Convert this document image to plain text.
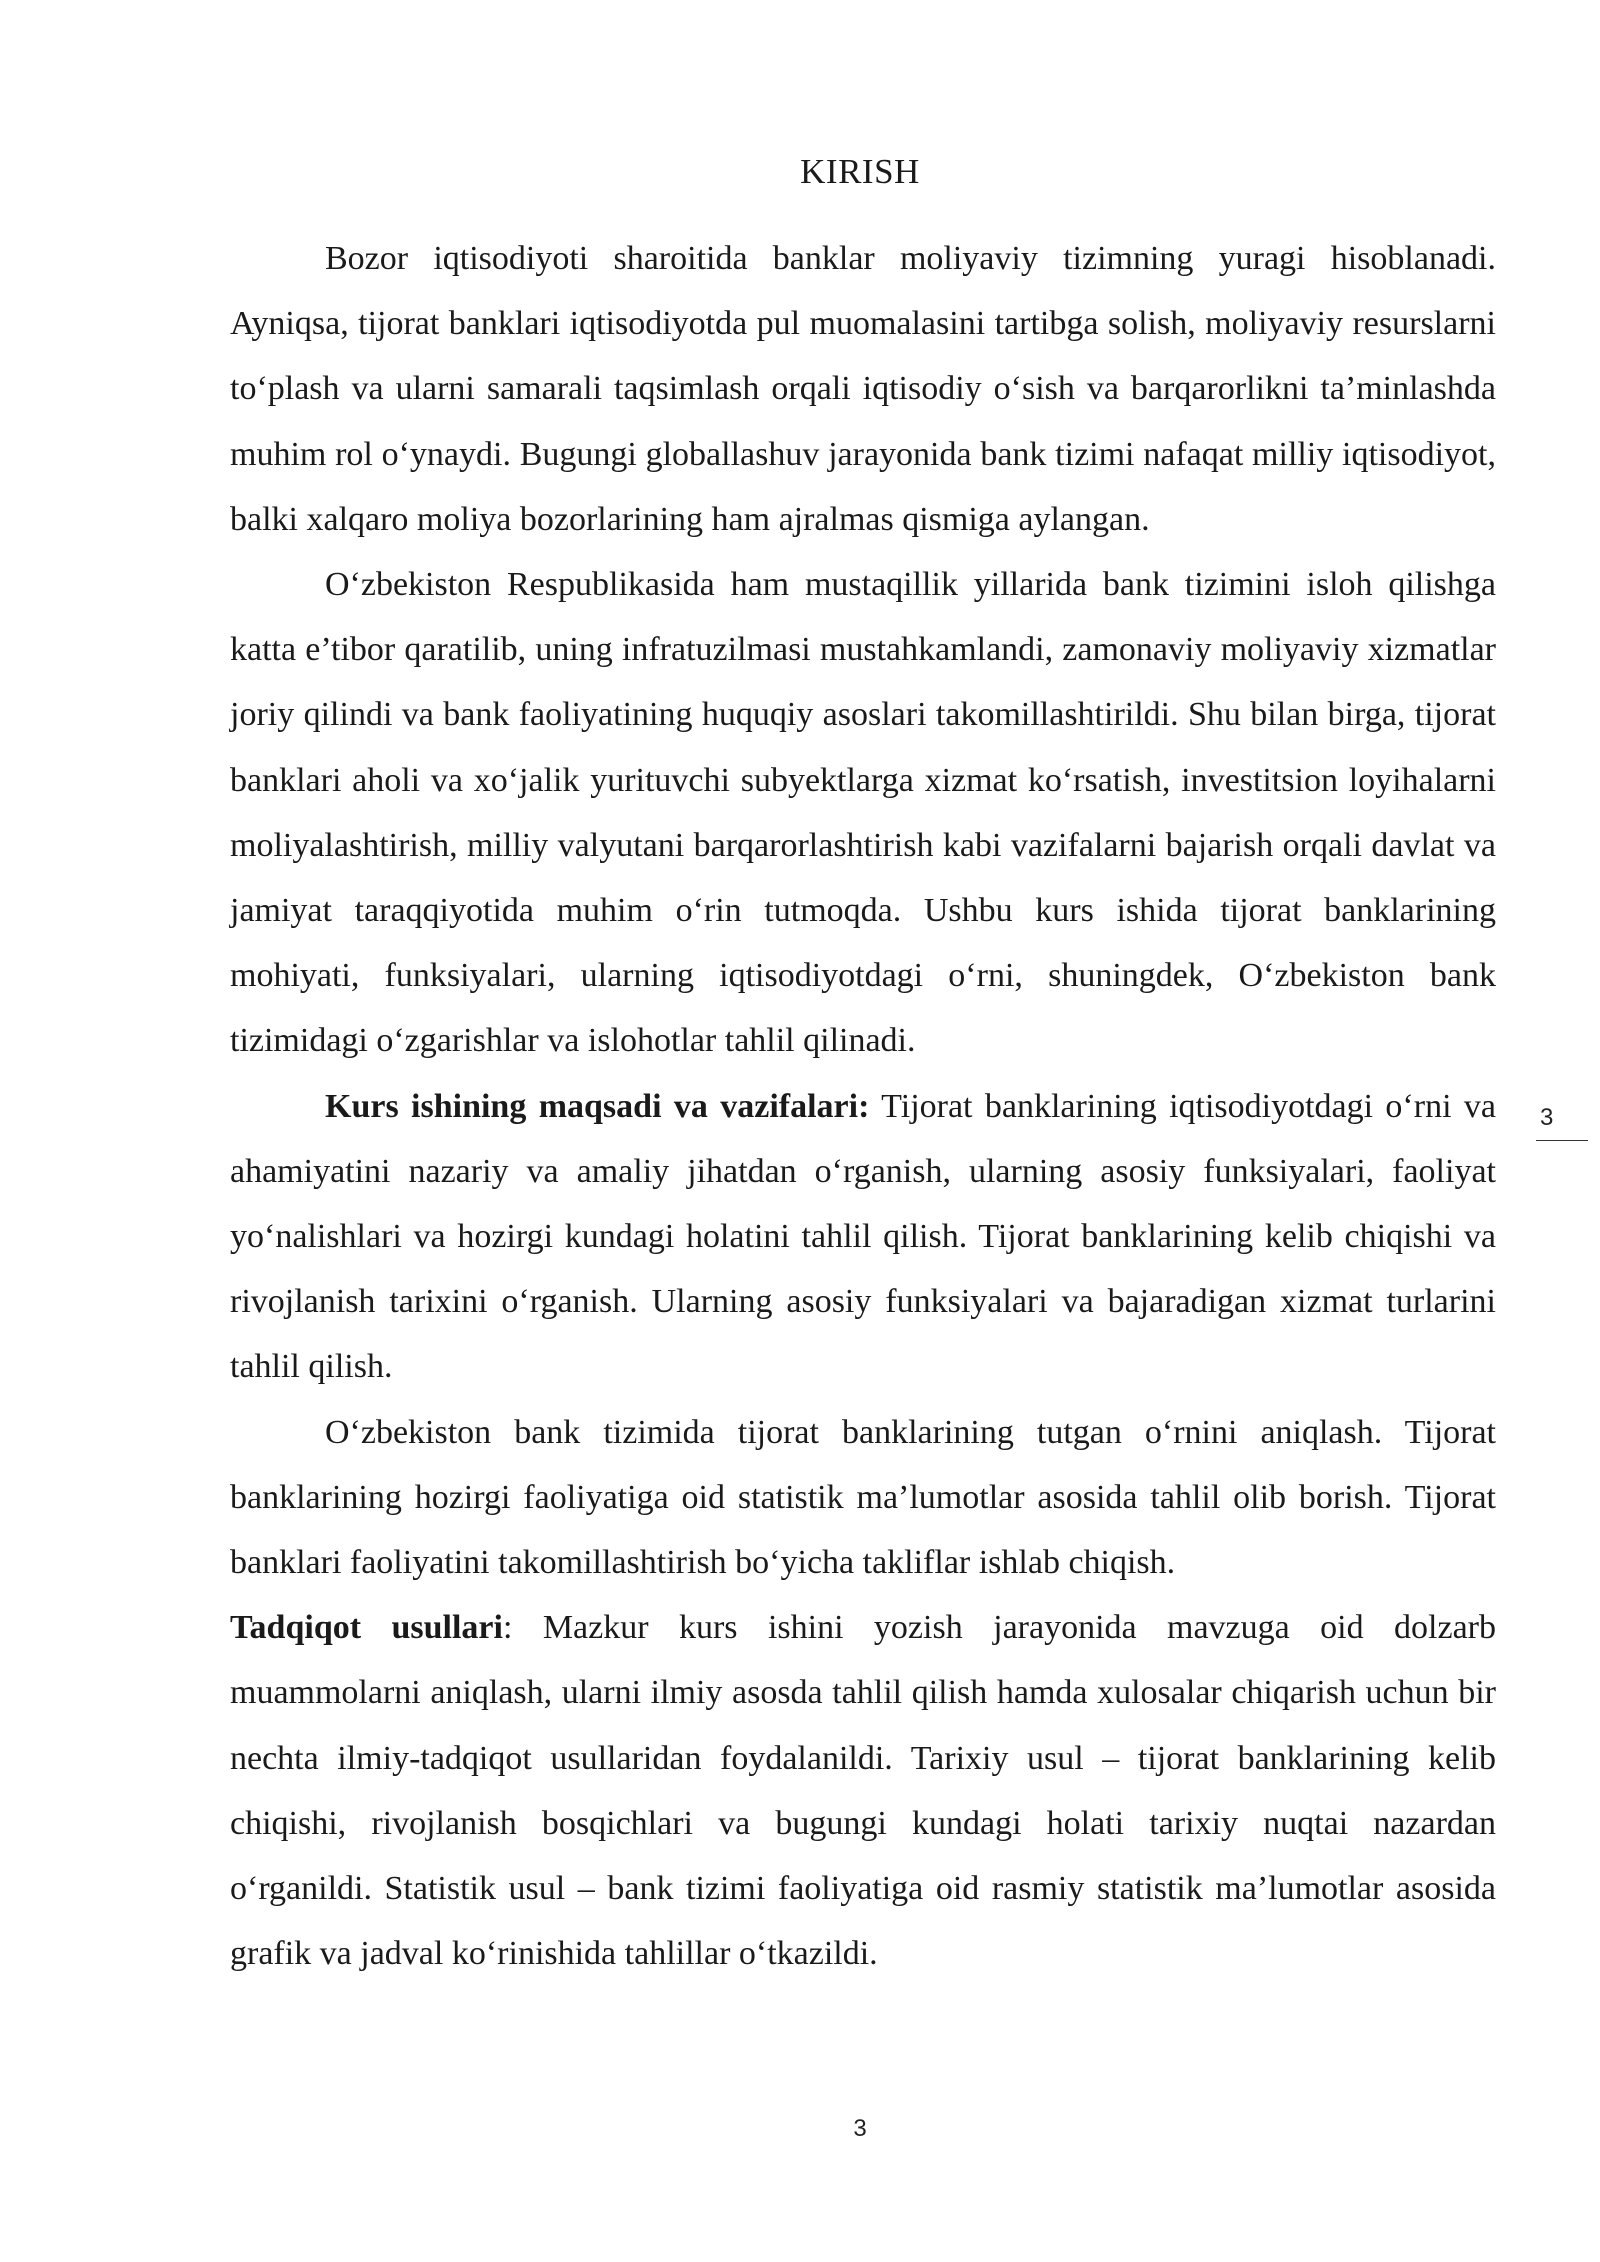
KIRISH

Bozor iqtisodiyoti sharoitida banklar moliyaviy tizimning yuragi hisoblanadi. Ayniqsa, tijorat banklari iqtisodiyotda pul muomalasini tartibga solish, moliyaviy resurslarni to‘plash va ularni samarali taqsimlash orqali iqtisodiy o‘sish va barqarorlikni ta’minlashda muhim rol o‘ynaydi. Bugungi globallashuv jarayonida bank tizimi nafaqat milliy iqtisodiyot, balki xalqaro moliya bozorlarining ham ajralmas qismiga aylangan.

O‘zbekiston Respublikasida ham mustaqillik yillarida bank tizimini isloh qilishga katta e’tibor qaratilib, uning infratuzilmasi mustahkamlandi, zamonaviy moliyaviy xizmatlar joriy qilindi va bank faoliyatining huquqiy asoslari takomillashtirildi. Shu bilan birga, tijorat banklari aholi va xo‘jalik yurituvchi subyektlarga xizmat ko‘rsatish, investitsion loyihalarni moliyalashtirish, milliy valyutani barqarorlashtirish kabi vazifalarni bajarish orqali davlat va jamiyat taraqqiyotida muhim o‘rin tutmoqda. Ushbu kurs ishida tijorat banklarining mohiyati, funksiyalari, ularning iqtisodiyotdagi o‘rni, shuningdek, O‘zbekiston bank tizimidagi o‘zgarishlar va islohotlar tahlil qilinadi.

Kurs ishining maqsadi va vazifalari: Tijorat banklarining iqtisodiyotdagi o‘rni va ahamiyatini nazariy va amaliy jihatdan o‘rganish, ularning asosiy funksiyalari, faoliyat yo‘nalishlari va hozirgi kundagi holatini tahlil qilish. Tijorat banklarining kelib chiqishi va rivojlanish tarixini o‘rganish. Ularning asosiy funksiyalari va bajaradigan xizmat turlarini tahlil qilish.

O‘zbekiston bank tizimida tijorat banklarining tutgan o‘rnini aniqlash. Tijorat banklarining hozirgi faoliyatiga oid statistik ma’lumotlar asosida tahlil olib borish. Tijorat banklari faoliyatini takomillashtirish bo‘yicha takliflar ishlab chiqish.

Tadqiqot usullari: Mazkur kurs ishini yozish jarayonida mavzuga oid dolzarb muammolarni aniqlash, ularni ilmiy asosda tahlil qilish hamda xulosalar chiqarish uchun bir nechta ilmiy-tadqiqot usullaridan foydalanildi. Tarixiy usul – tijorat banklarining kelib chiqishi, rivojlanish bosqichlari va bugungi kundagi holati tarixiy nuqtai nazardan o‘rganildi. Statistik usul – bank tizimi faoliyatiga oid rasmiy statistik ma’lumotlar asosida grafik va jadval ko‘rinishida tahlillar o‘tkazildi.

3
3
